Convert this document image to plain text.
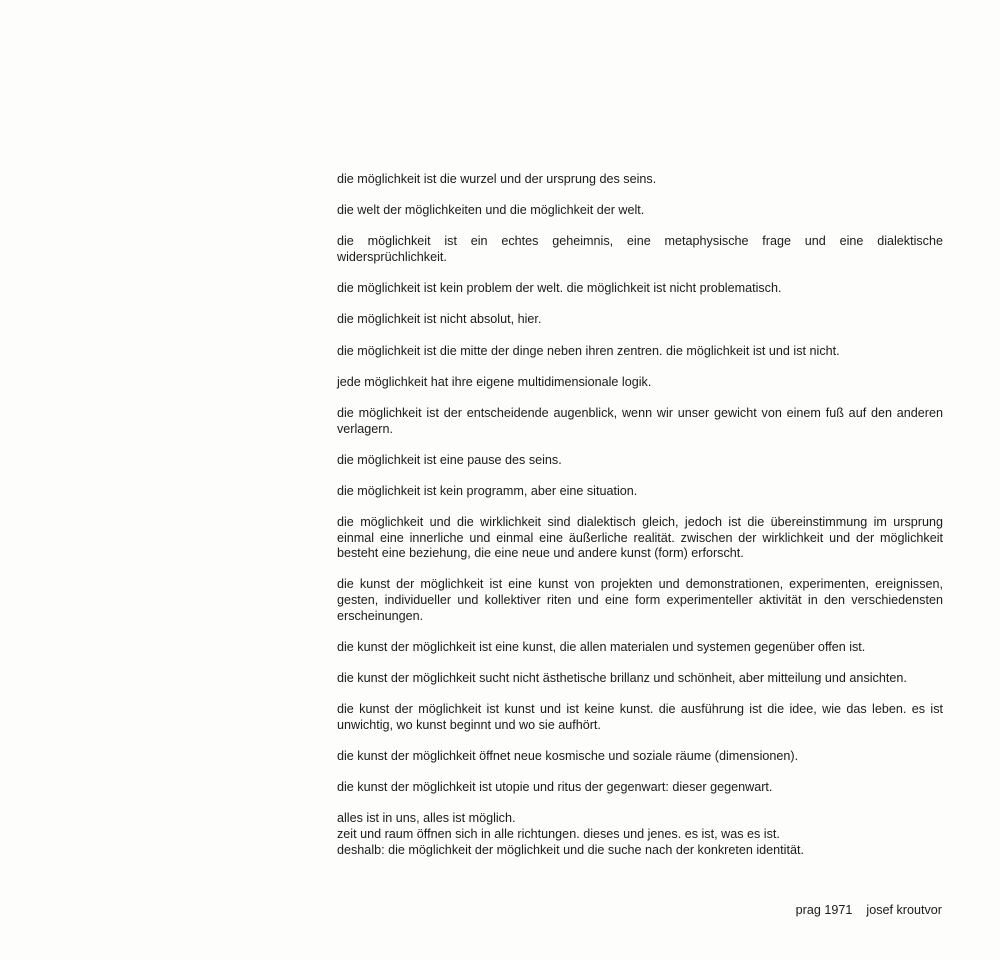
die möglichkeit ist die wurzel und der ursprung des seins.

die welt der möglichkeiten und die möglichkeit der welt.

die möglichkeit ist ein echtes geheimnis, eine metaphysische frage und eine dialektische widersprüchlichkeit.

die möglichkeit ist kein problem der welt. die möglichkeit ist nicht problematisch.

die möglichkeit ist nicht absolut, hier.

die möglichkeit ist die mitte der dinge neben ihren zentren. die möglichkeit ist und ist nicht.

jede möglichkeit hat ihre eigene multidimensionale logik.

die möglichkeit ist der entscheidende augenblick, wenn wir unser gewicht von einem fuß auf den anderen verlagern.

die möglichkeit ist eine pause des seins.

die möglichkeit ist kein programm, aber eine situation.

die möglichkeit und die wirklichkeit sind dialektisch gleich, jedoch ist die übereinstimmung im ursprung einmal eine innerliche und einmal eine äußerliche realität. zwischen der wirklichkeit und der möglichkeit besteht eine beziehung, die eine neue und andere kunst (form) erforscht.

die kunst der möglichkeit ist eine kunst von projekten und demonstrationen, experimenten, ereignissen, gesten, individueller und kollektiver riten und eine form experimenteller aktivität in den verschiedensten erscheinungen.

die kunst der möglichkeit ist eine kunst, die allen materialen und systemen gegenüber offen ist.

die kunst der möglichkeit sucht nicht ästhetische brillanz und schönheit, aber mitteilung und ansichten.

die kunst der möglichkeit ist kunst und ist keine kunst. die ausführung ist die idee, wie das leben. es ist unwichtig, wo kunst beginnt und wo sie aufhört.

die kunst der möglichkeit öffnet neue kosmische und soziale räume (dimensionen).

die kunst der möglichkeit ist utopie und ritus der gegenwart: dieser gegenwart.

alles ist in uns, alles ist möglich.
zeit und raum öffnen sich in alle richtungen. dieses und jenes. es ist, was es ist.
deshalb: die möglichkeit der möglichkeit und die suche nach der konkreten identität.

prag 1971 josef kroutvor
